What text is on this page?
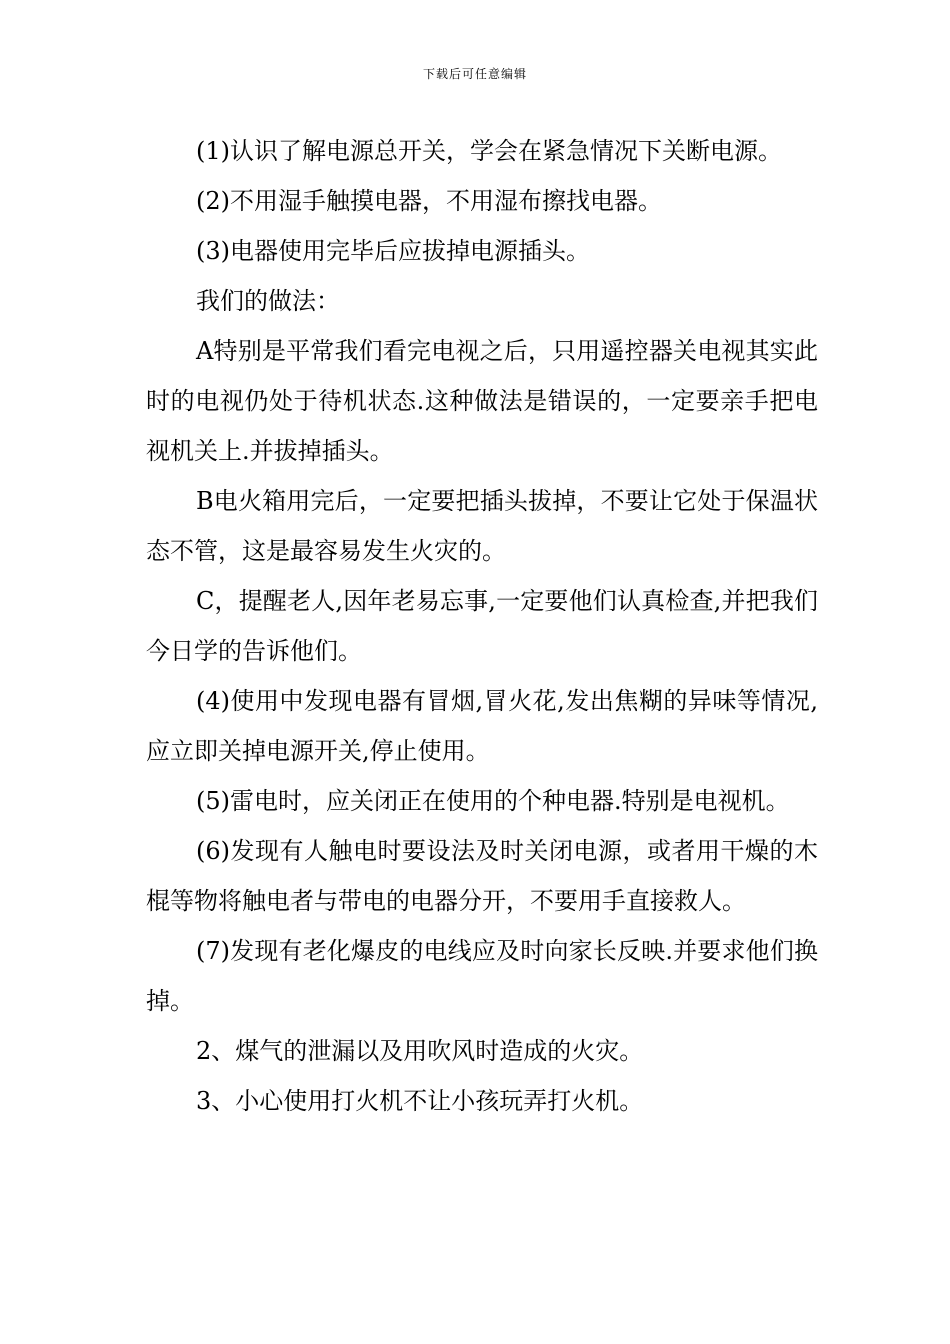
下载后可任意编辑

(1)认识了解电源总开关，学会在紧急情况下关断电源。

(2)不用湿手触摸电器，不用湿布擦找电器。

(3)电器使用完毕后应拔掉电源插头。

我们的做法：

A特别是平常我们看完电视之后，只用遥控器关电视其实此时的电视仍处于待机状态.这种做法是错误的，一定要亲手把电视机关上.并拔掉插头。

B电火箱用完后，一定要把插头拔掉，不要让它处于保温状态不管，这是最容易发生火灾的。

C，提醒老人,因年老易忘事,一定要他们认真检查,并把我们今日学的告诉他们。

(4)使用中发现电器有冒烟,冒火花,发出焦糊的异味等情况,应立即关掉电源开关,停止使用。

(5)雷电时，应关闭正在使用的个种电器.特别是电视机。

(6)发现有人触电时要设法及时关闭电源，或者用干燥的木棍等物将触电者与带电的电器分开，不要用手直接救人。

(7)发现有老化爆皮的电线应及时向家长反映.并要求他们换掉。

2、煤气的泄漏以及用吹风时造成的火灾。

3、小心使用打火机不让小孩玩弄打火机。
